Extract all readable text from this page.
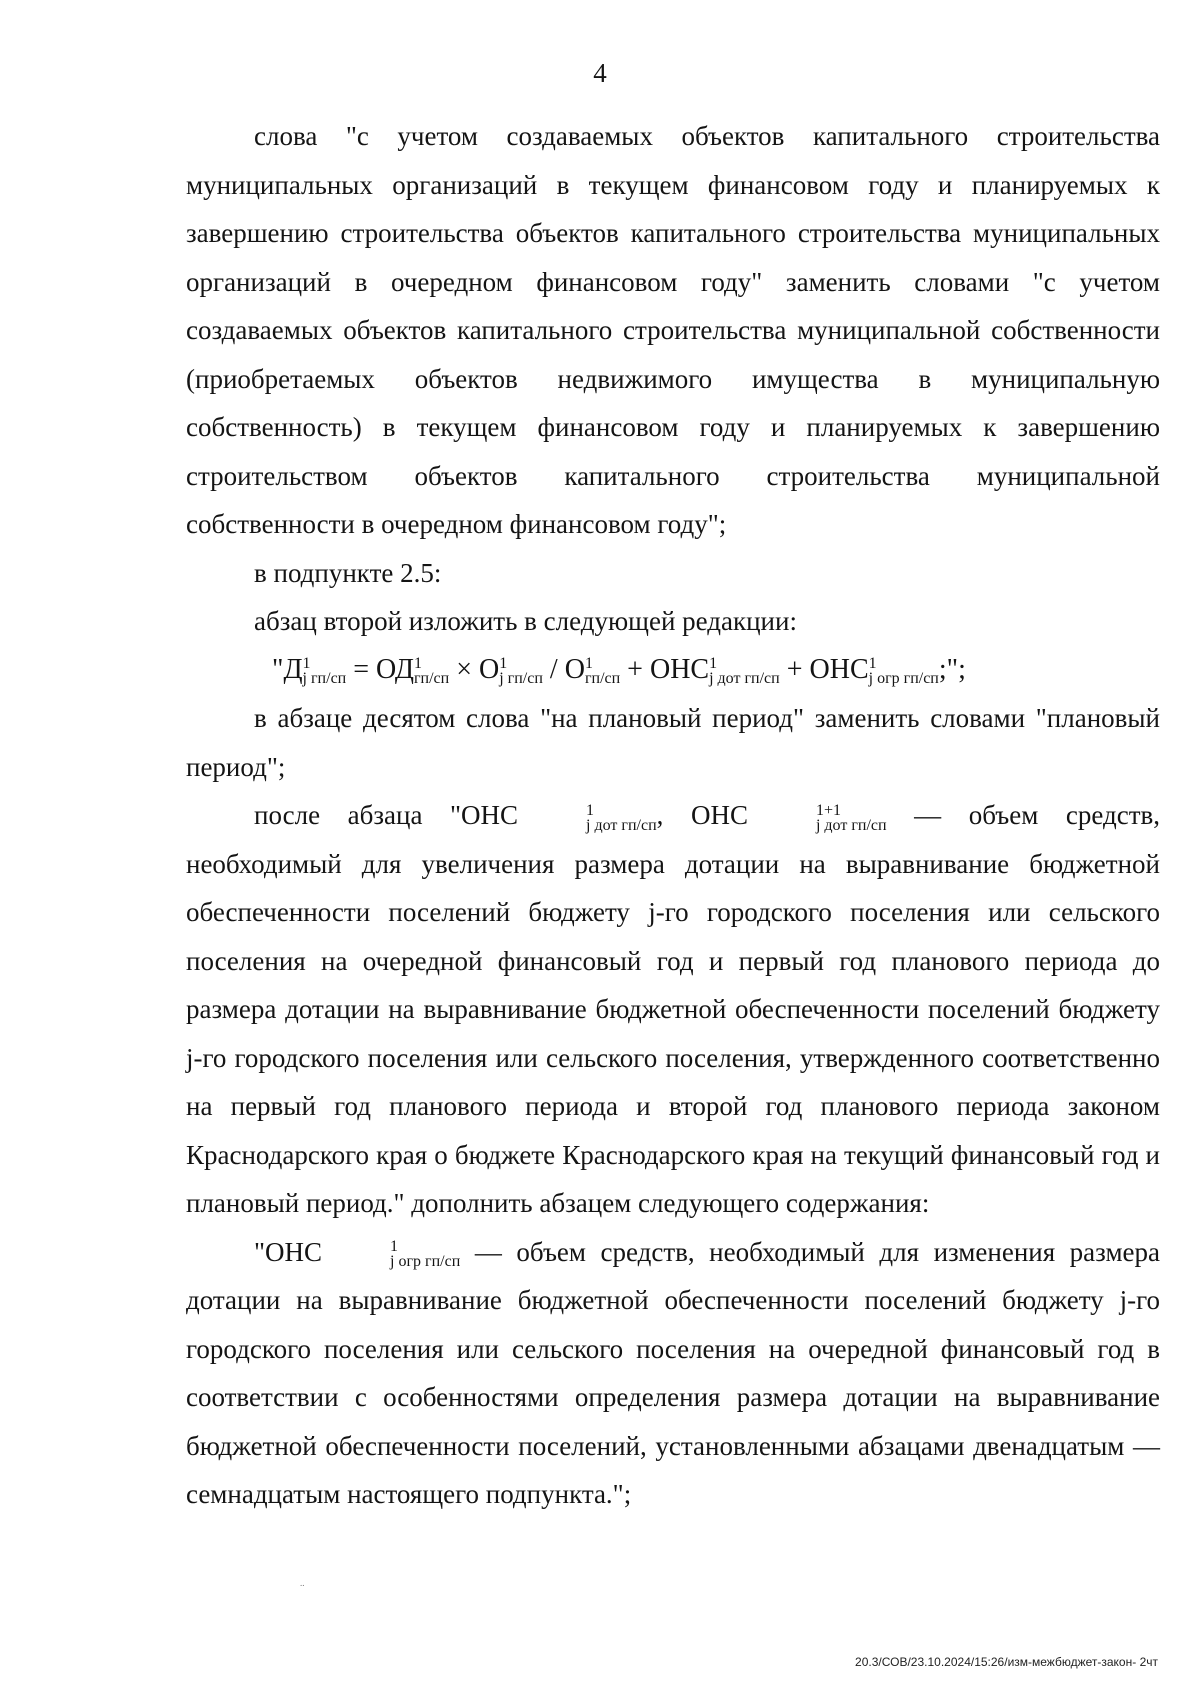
4

слова "с учетом создаваемых объектов капитального строительства муниципальных организаций в текущем финансовом году и планируемых к завершению строительства объектов капитального строительства муниципальных организаций в очередном финансовом году" заменить словами "с учетом создаваемых объектов капитального строительства муниципальной собственности (приобретаемых объектов недвижимого имущества в муниципальную собственность) в текущем финансовом году и планируемых к завершению строительством объектов капитального строительства муниципальной собственности в очередном финансовом году";

в подпункте 2.5:

абзац второй изложить в следующей редакции:

"Д 1
j гп/сп = ОД 1
гп/сп × О 1
j гп/сп / О 1
гп/сп + ОНС 1
j дот гп/сп + ОНС 1
j огр гп/сп ;";

в абзаце десятом слова "на плановый период" заменить словами "плановый период";

после абзаца "ОНС	1
j дот гп/сп , ОНС	1+1
j дот гп/сп — объем средств, необходимый для увеличения размера дотации на выравнивание бюджетной обеспеченности поселений бюджету j-го городского поселения или сельского поселения на очередной финансовый год и первый год планового периода до размера дотации на выравнивание бюджетной обеспеченности поселений бюджету j-го городского поселения или сельского поселения, утвержденного соответственно на первый год планового периода и второй год планового периода законом Краснодарского края о бюджете Краснодарского края на текущий финансовый год и плановый период." дополнить абзацем следующего содержания:

"ОНС	1
j огр гп/сп — объем средств, необходимый для изменения размера дотации на выравнивание бюджетной обеспеченности поселений бюджету j-го городского поселения или сельского поселения на очередной финансовый год в соответствии с особенностями определения размера дотации на выравнивание бюджетной обеспеченности поселений, установленными абзацами двенадцатым — семнадцатым настоящего подпункта.";

..
20.3/СОВ/23.10.2024/15:26/изм-межбюджет-закон- 2чт
